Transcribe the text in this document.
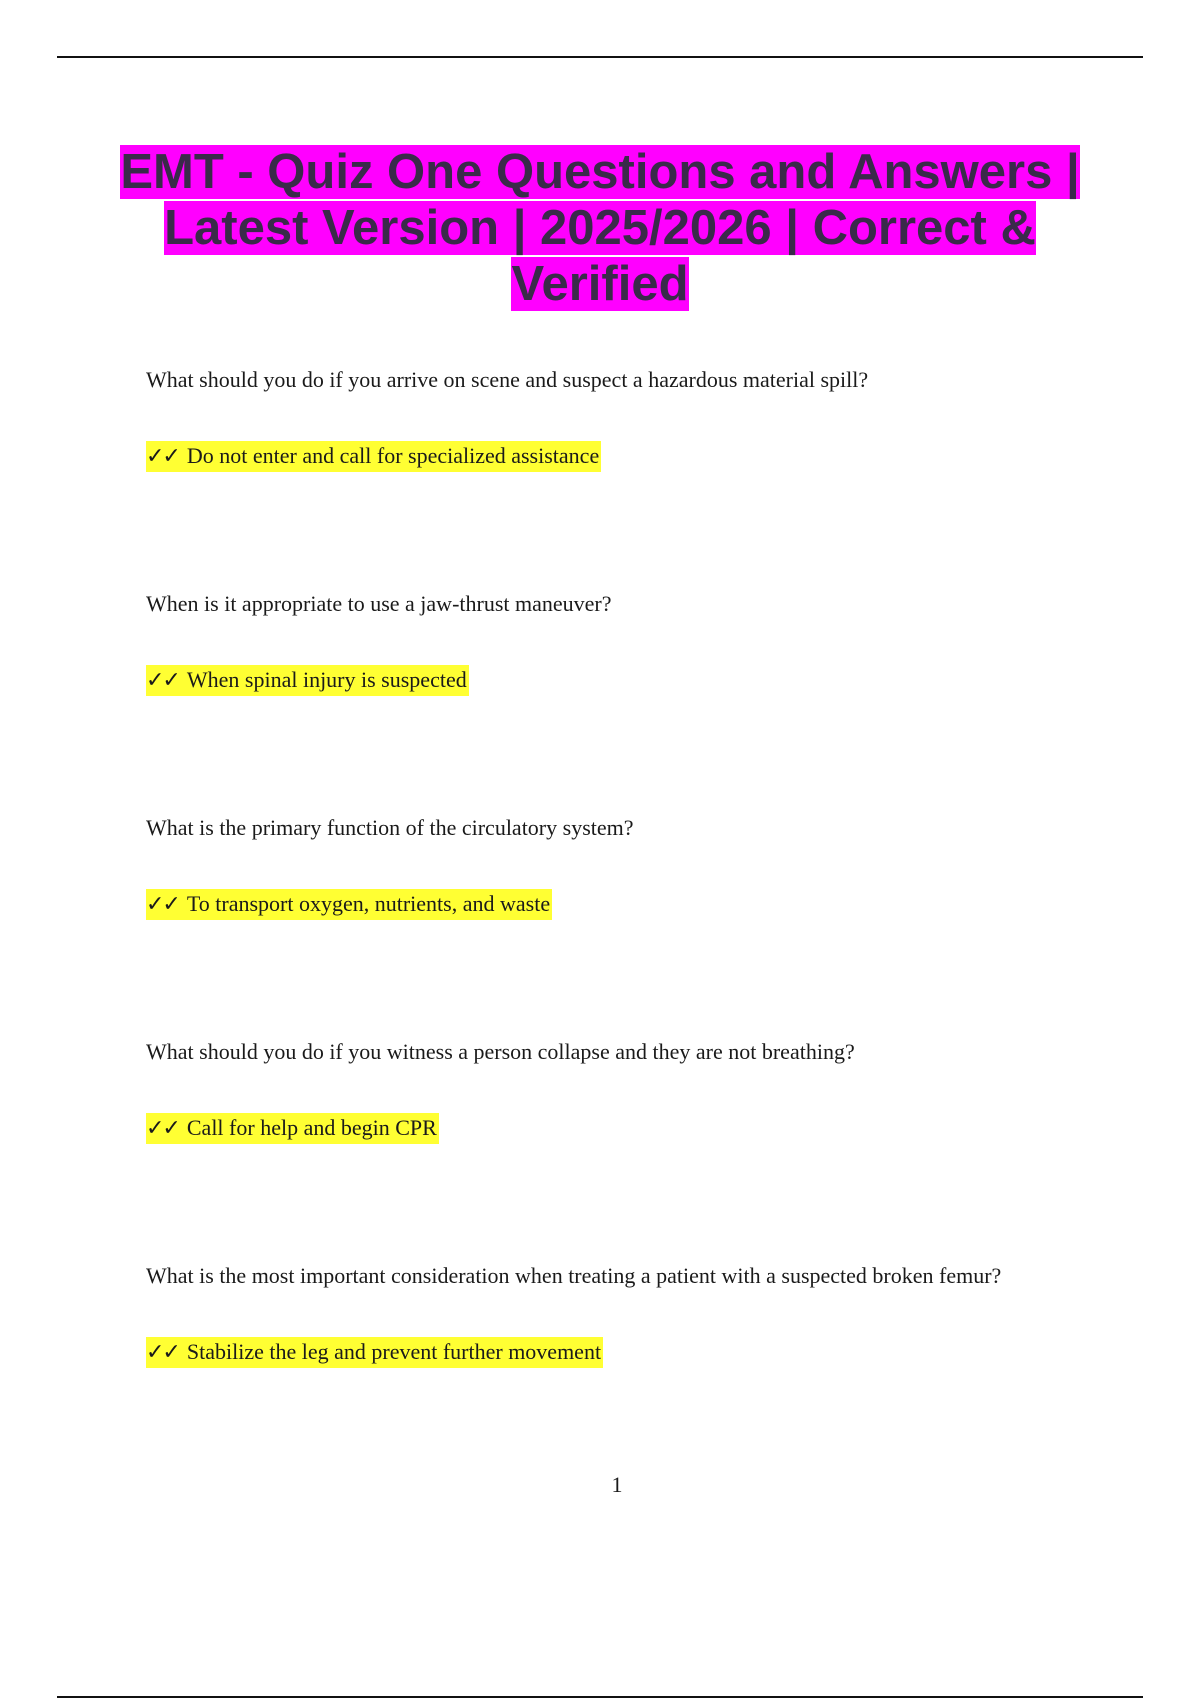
EMT - Quiz One Questions and Answers | Latest Version | 2025/2026 | Correct & Verified
What should you do if you arrive on scene and suspect a hazardous material spill?
✓✓ Do not enter and call for specialized assistance
When is it appropriate to use a jaw-thrust maneuver?
✓✓ When spinal injury is suspected
What is the primary function of the circulatory system?
✓✓ To transport oxygen, nutrients, and waste
What should you do if you witness a person collapse and they are not breathing?
✓✓ Call for help and begin CPR
What is the most important consideration when treating a patient with a suspected broken femur?
✓✓ Stabilize the leg and prevent further movement
1
